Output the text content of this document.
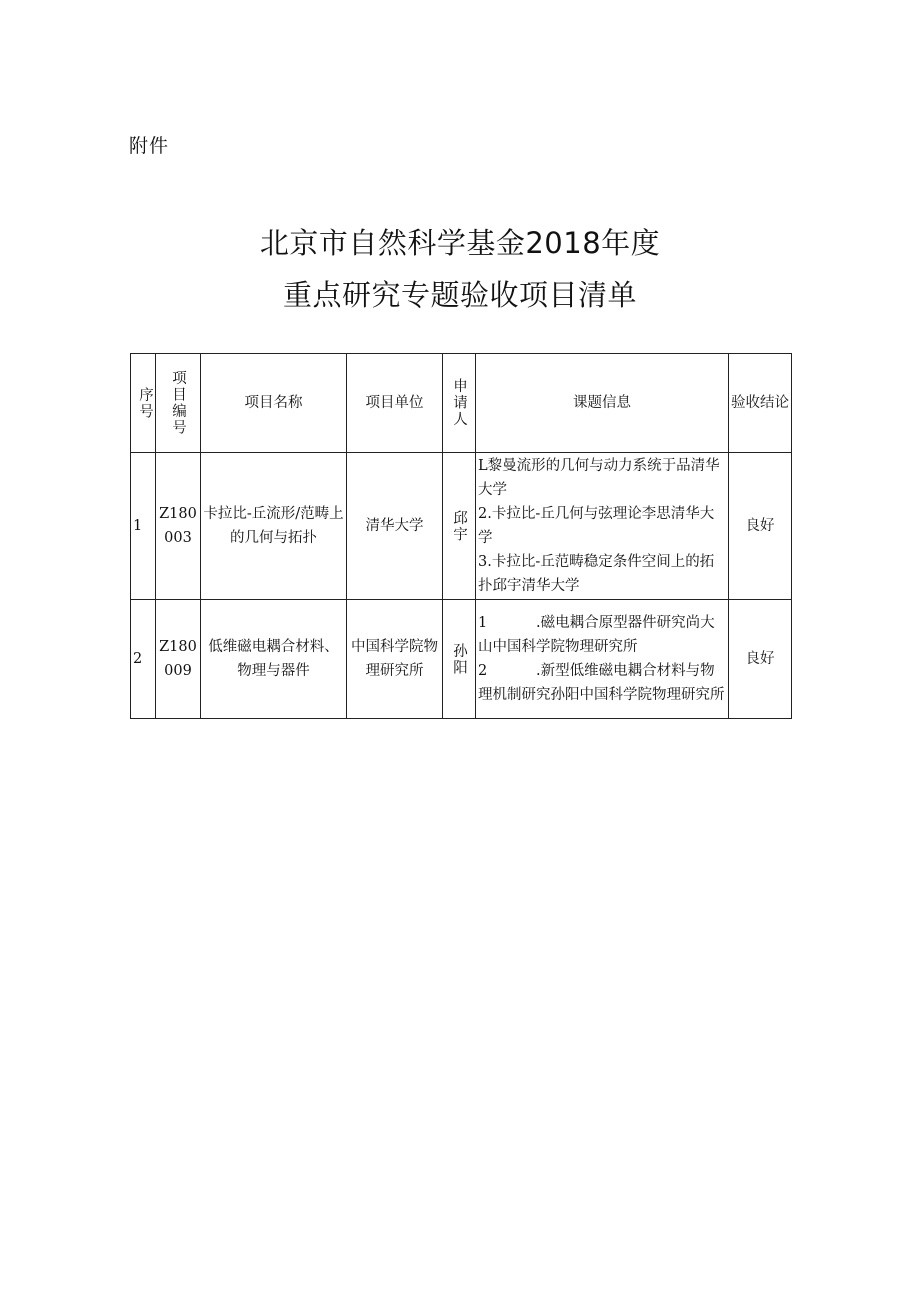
附件
北京市自然科学基金2018年度
重点研究专题验收项目清单
序号	项目编号	项目名称	项目单位	申请人	课题信息	验收结论
1	Z180003	卡拉比-丘流形/范畴上的几何与拓扑	清华大学	邱宇	L黎曼流形的几何与动力系统于品清华大学
2.卡拉比-丘几何与弦理论李思清华大学
3.卡拉比-丘范畴稳定条件空间上的拓扑邱宇清华大学	良好
2	Z180009	低维磁电耦合材料、物理与器件	中国科学院物理研究所	孙阳	1 .磁电耦合原型器件研究尚大山中国科学院物理研究所
2 .新型低维磁电耦合材料与物理机制研究孙阳中国科学院物理研究所	良好
